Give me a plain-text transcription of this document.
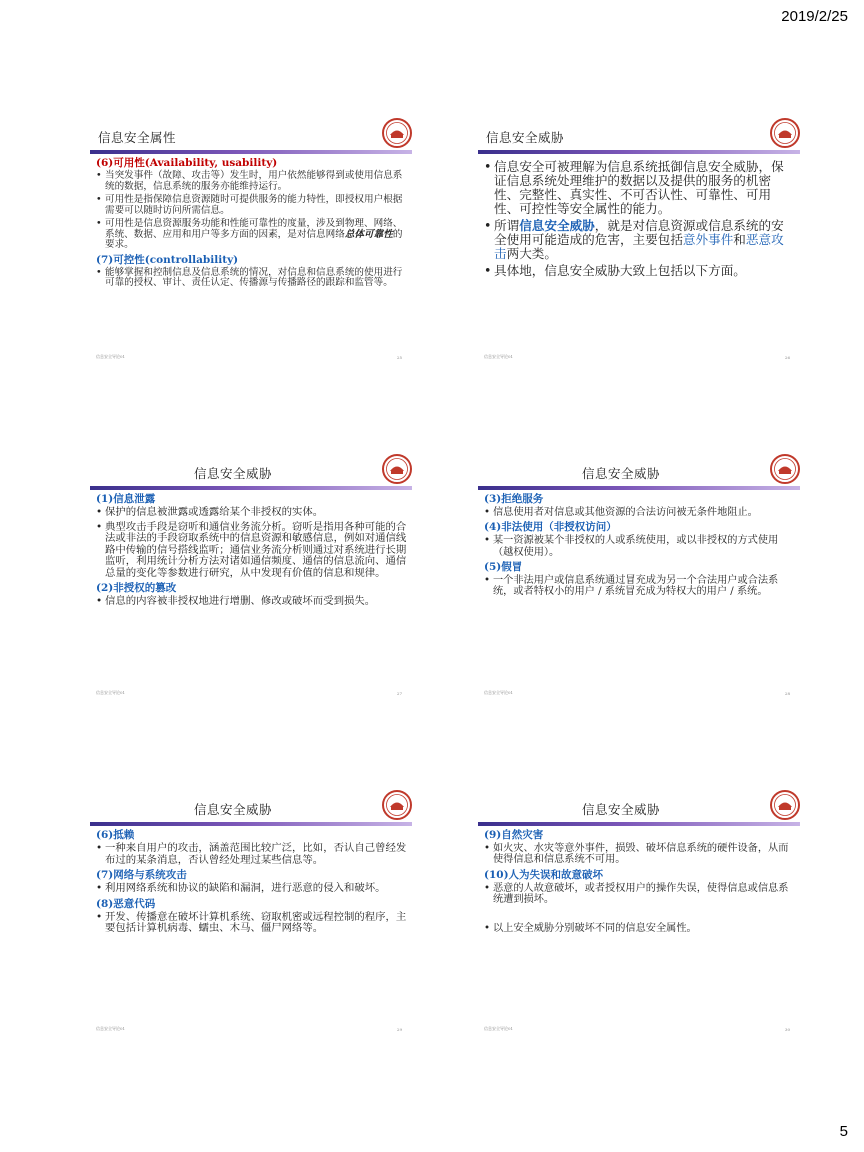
2019/2/25
信息安全属性
(6)可用性(Availability, usability)
• 当突发事件（故障、攻击等）发生时，用户依然能够得到或使用信息系统的数据，信息系统的服务亦能维持运行。
• 可用性是指保障信息资源随时可提供服务的能力特性，即授权用户根据需要可以随时访问所需信息。
• 可用性是信息资源服务功能和性能可靠性的度量，涉及到物理、网络、系统、数据、应用和用户等多方面的因素，是对信息网络总体可靠性的要求。
(7)可控性(controllability)
• 能够掌握和控制信息及信息系统的情况，对信息和信息系统的使用进行可靠的授权、审计、责任认定、传播源与传播路径的跟踪和监管等。
信息安全导论01	25
信息安全威胁
• 信息安全可被理解为信息系统抵御信息安全威胁，保证信息系统处理维护的数据以及提供的服务的机密性、完整性、真实性、不可否认性、可靠性、可用性、可控性等安全属性的能力。
• 所谓信息安全威胁，就是对信息资源或信息系统的安全使用可能造成的危害，主要包括意外事件和恶意攻击两大类。
• 具体地，信息安全威胁大致上包括以下方面。
信息安全导论01	26
信息安全威胁
(1)信息泄露
• 保护的信息被泄露或透露给某个非授权的实体。
• 典型攻击手段是窃听和通信业务流分析。窃听是指用各种可能的合法或非法的手段窃取系统中的信息资源和敏感信息，例如对通信线路中传输的信号搭线监听；通信业务流分析则通过对系统进行长期监听，利用统计分析方法对诸如通信频度、通信的信息流向、通信总量的变化等参数进行研究，从中发现有价值的信息和规律。
(2)非授权的篡改
• 信息的内容被非授权地进行增删、修改或破坏而受到损失。
信息安全导论01	27
信息安全威胁
(3)拒绝服务
• 信息使用者对信息或其他资源的合法访问被无条件地阻止。
(4)非法使用（非授权访问）
• 某一资源被某个非授权的人或系统使用，或以非授权的方式使用（越权使用）。
(5)假冒
• 一个非法用户或信息系统通过冒充成为另一个合法用户或合法系统，或者特权小的用户 / 系统冒充成为特权大的用户 / 系统。
信息安全导论01	28
信息安全威胁
(6)抵赖
• 一种来自用户的攻击，涵盖范围比较广泛，比如，否认自己曾经发布过的某条消息，否认曾经处理过某些信息等。
(7)网络与系统攻击
• 利用网络系统和协议的缺陷和漏洞，进行恶意的侵入和破坏。
(8)恶意代码
• 开发、传播意在破坏计算机系统、窃取机密或远程控制的程序，主要包括计算机病毒、蠕虫、木马、僵尸网络等。
信息安全导论01	29
信息安全威胁
(9)自然灾害
• 如火灾、水灾等意外事件，损毁、破坏信息系统的硬件设备，从而使得信息和信息系统不可用。
(10)人为失误和故意破坏
• 恶意的人故意破坏，或者授权用户的操作失误，使得信息或信息系统遭到损坏。
• 以上安全威胁分别破坏不同的信息安全属性。
信息安全导论01	30
5
